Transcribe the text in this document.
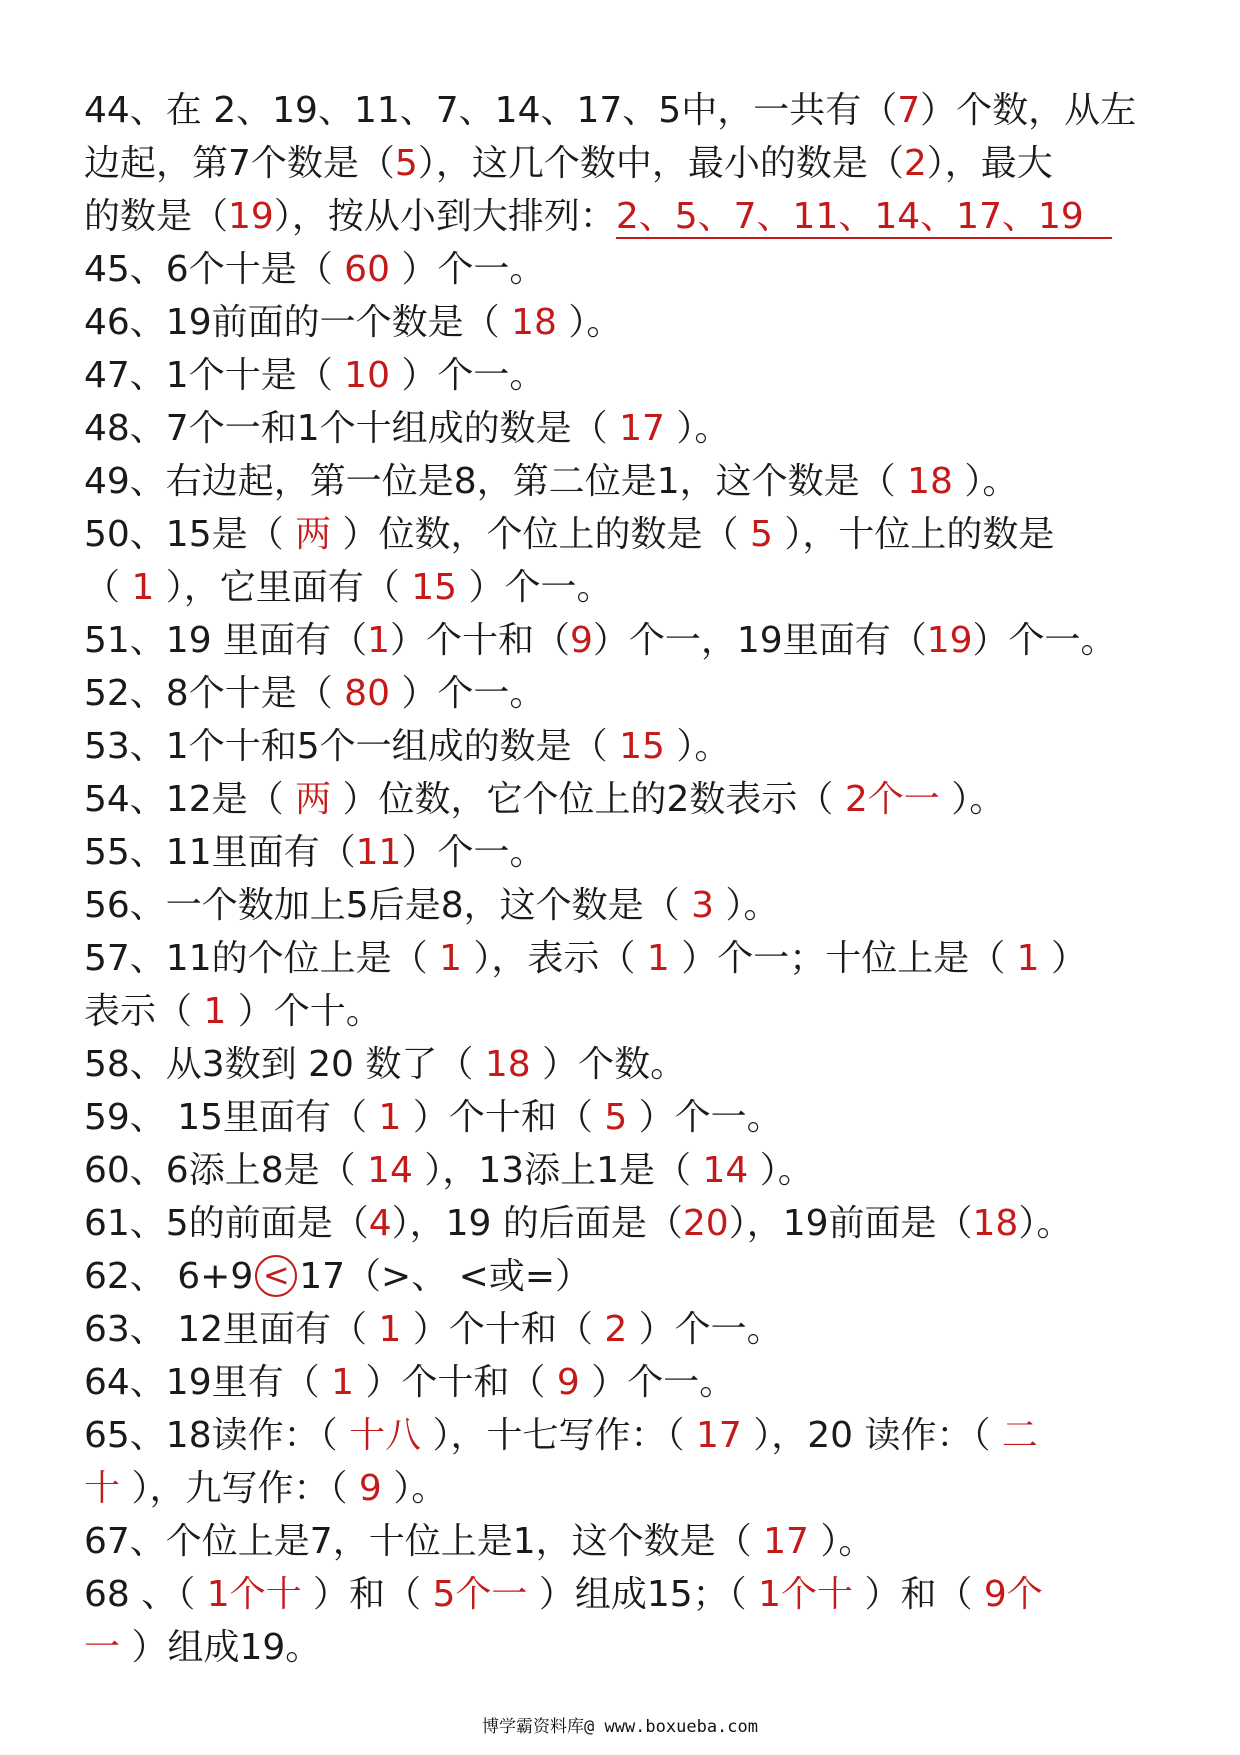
44、在 2、19、11、7、14、17、5中，一共有（7）个数，从左
边起，第7个数是（5），这几个数中，最小的数是（2），最大
的数是（19），按从小到大排列：2、5、7、11、14、17、19
45、6个十是（ 60 ）个一。
46、19前面的一个数是（ 18 ）。
47、1个十是（ 10 ）个一。
48、7个一和1个十组成的数是（ 17 ）。
49、右边起，第一位是8，第二位是1，这个数是（ 18 ）。
50、15是（ 两 ）位数，个位上的数是（ 5 ），十位上的数是
（ 1 ），它里面有（ 15 ）个一。
51、19 里面有（1）个十和（9）个一，19里面有（19）个一。
52、8个十是（ 80 ）个一。
53、1个十和5个一组成的数是（ 15 ）。
54、12是（ 两 ）位数，它个位上的2数表示（ 2个一 ）。
55、11里面有（11）个一。
56、一个数加上5后是8，这个数是（ 3 ）。
57、11的个位上是（ 1 ），表示（ 1 ）个一；十位上是（ 1 ）
表示（ 1 ）个十。
58、从3数到 20 数了（ 18 ）个数。
59、 15里面有（ 1 ）个十和（ 5 ）个一。
60、6添上8是（ 14 ），13添上1是（ 14 ）。
61、5的前面是（4），19 的后面是（20），19前面是（18）。
62、 6+9 < 17（>、 <或=）
63、 12里面有（ 1 ）个十和（ 2 ）个一。
64、19里有（ 1 ）个十和（ 9 ）个一。
65、18读作：（ 十八 ），十七写作：（ 17 ），20 读作：（ 二
十 ），九写作：（ 9 ）。
67、个位上是7，十位上是1，这个数是（ 17 ）。
68 、（ 1个十 ）和（ 5个一 ）组成15；（ 1个十 ）和（ 9个
一 ）组成19。
博学霸资料库@ www.boxueba.com
